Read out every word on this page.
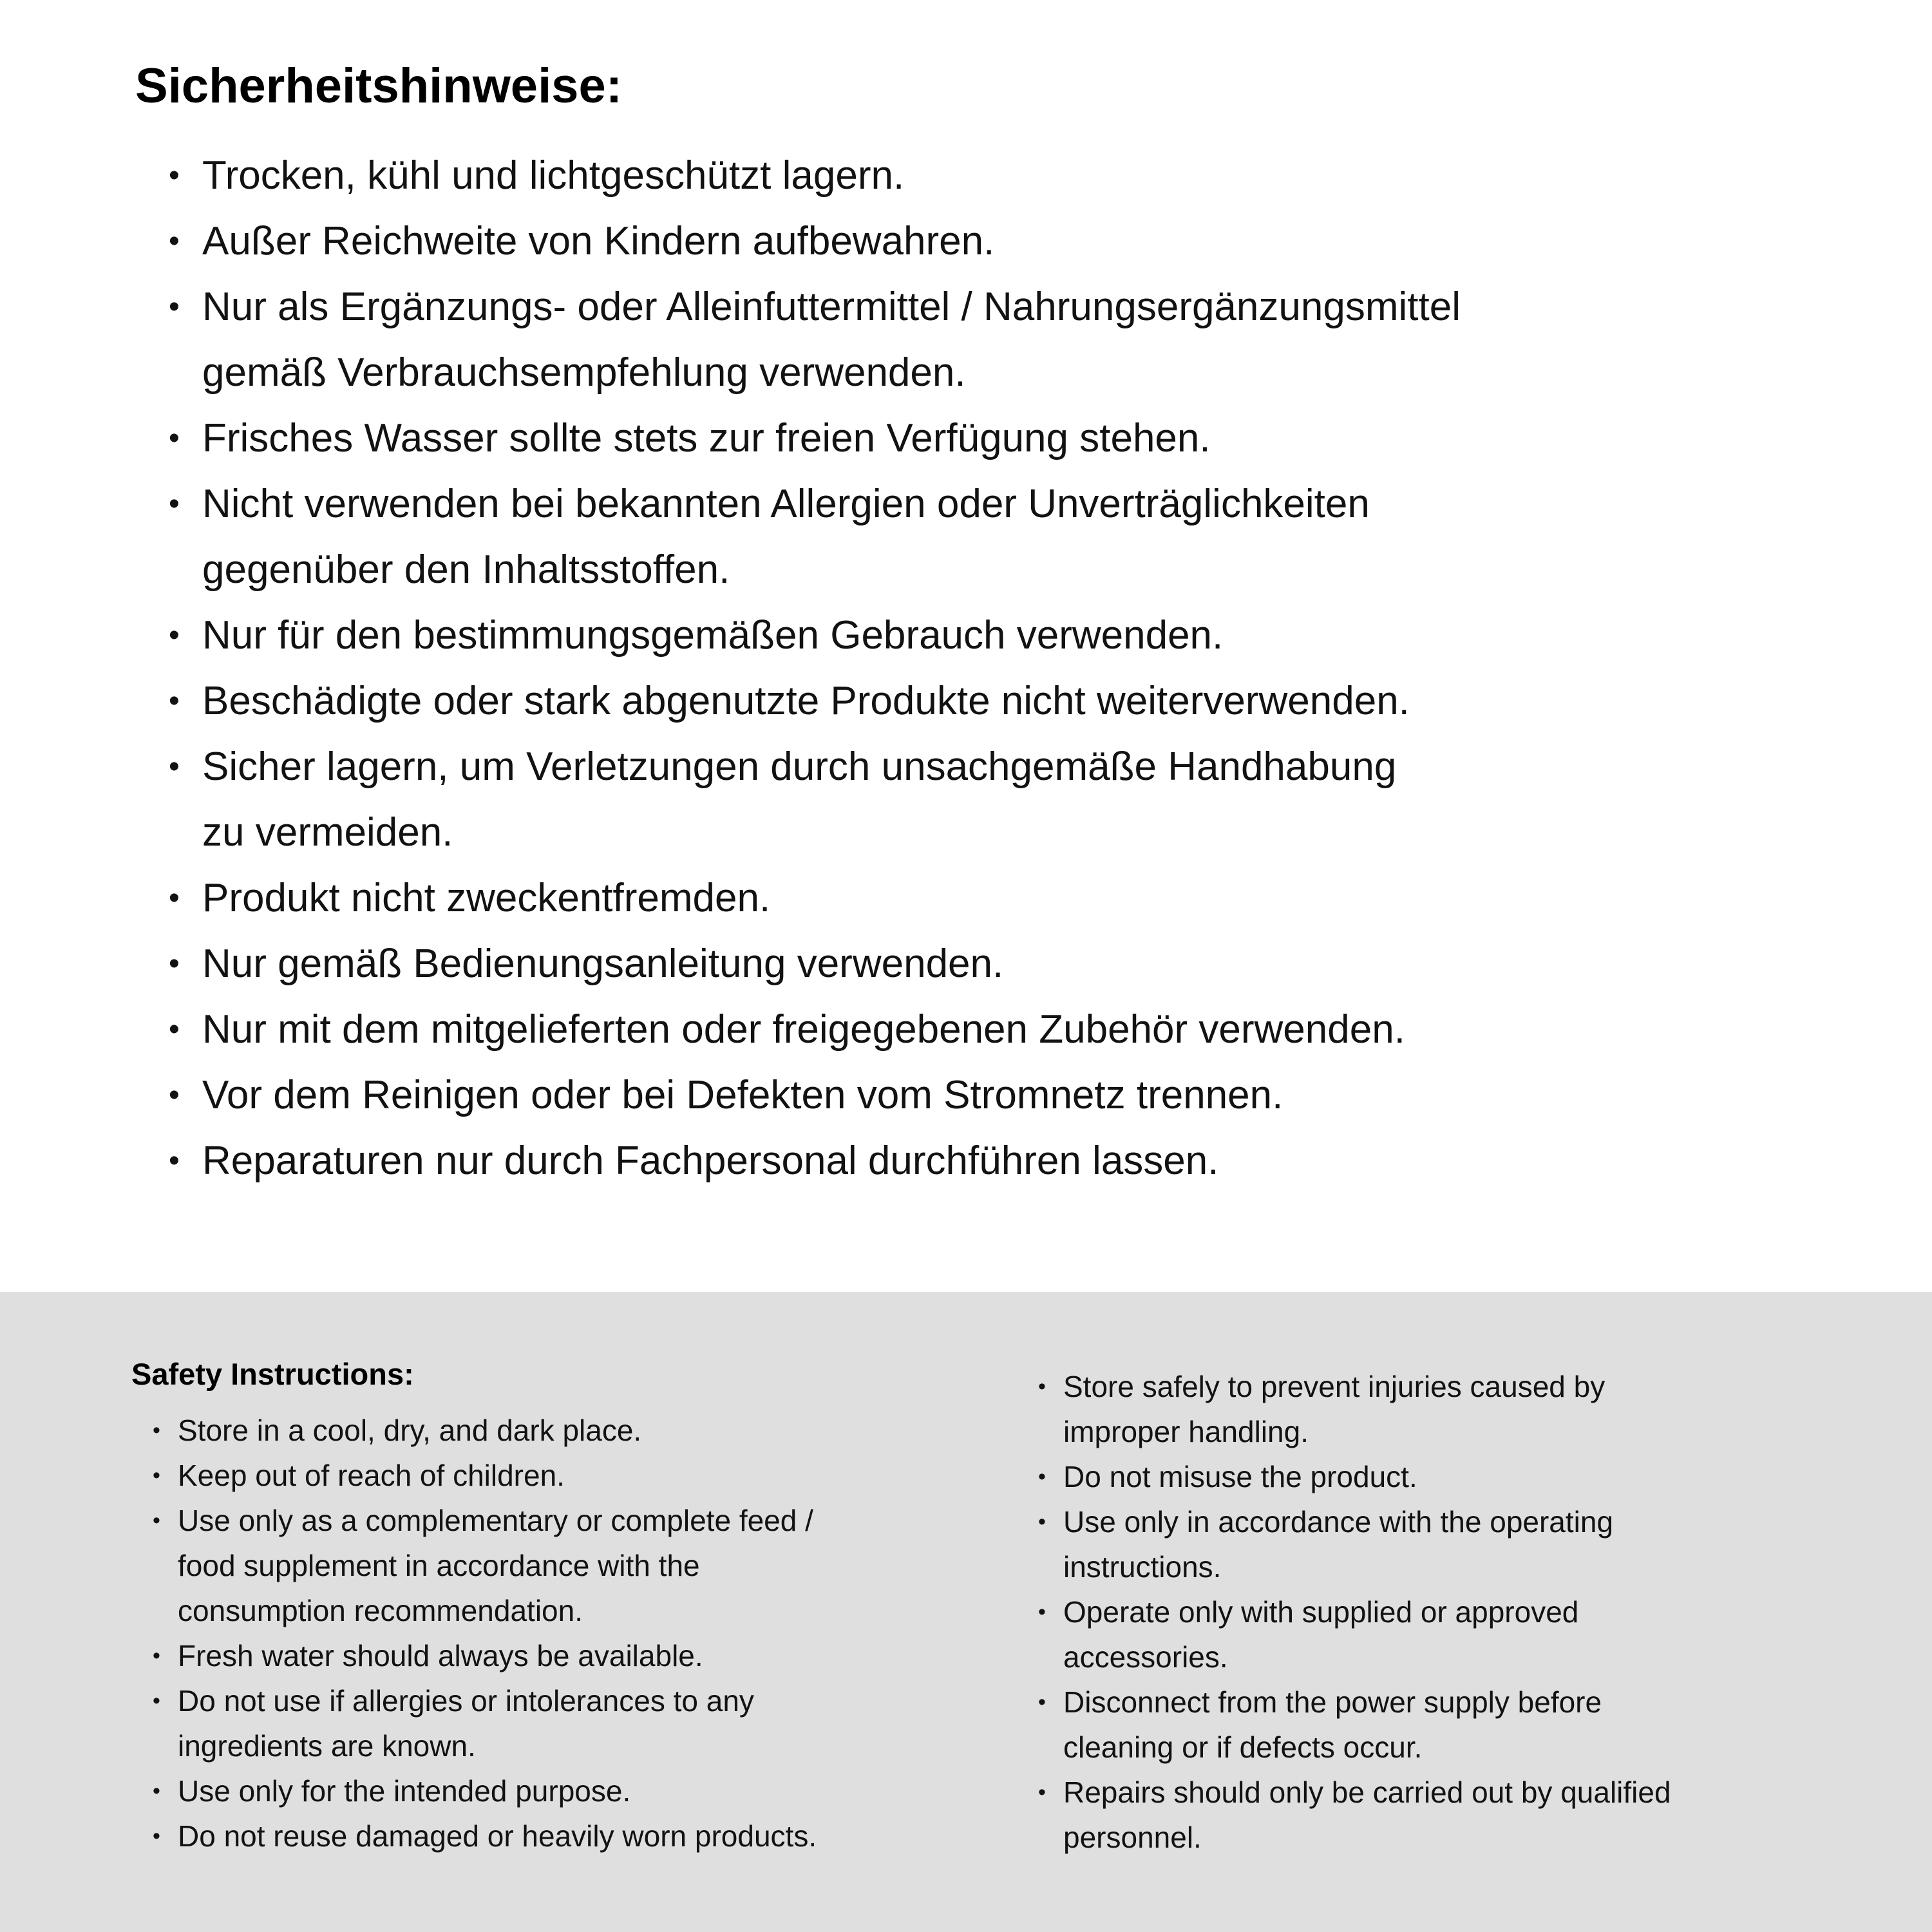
Sicherheitshinweise:
• Trocken, kühl und lichtgeschützt lagern.
• Außer Reichweite von Kindern aufbewahren.
• Nur als Ergänzungs- oder Alleinfuttermittel / Nahrungsergänzungsmittel
gemäß Verbrauchsempfehlung verwenden.
• Frisches Wasser sollte stets zur freien Verfügung stehen.
• Nicht verwenden bei bekannten Allergien oder Unverträglichkeiten
gegenüber den Inhaltsstoffen.
• Nur für den bestimmungsgemäßen Gebrauch verwenden.
• Beschädigte oder stark abgenutzte Produkte nicht weiterverwenden.
• Sicher lagern, um Verletzungen durch unsachgemäße Handhabung
zu vermeiden.
• Produkt nicht zweckentfremden.
• Nur gemäß Bedienungsanleitung verwenden.
• Nur mit dem mitgelieferten oder freigegebenen Zubehör verwenden.
• Vor dem Reinigen oder bei Defekten vom Stromnetz trennen.
• Reparaturen nur durch Fachpersonal durchführen lassen.
Safety Instructions:
• Store in a cool, dry, and dark place.
• Keep out of reach of children.
• Use only as a complementary or complete feed /
food supplement in accordance with the
consumption recommendation.
• Fresh water should always be available.
• Do not use if allergies or intolerances to any
ingredients are known.
• Use only for the intended purpose.
• Do not reuse damaged or heavily worn products.
• Store safely to prevent injuries caused by
improper handling.
• Do not misuse the product.
• Use only in accordance with the operating
instructions.
• Operate only with supplied or approved
accessories.
• Disconnect from the power supply before
cleaning or if defects occur.
• Repairs should only be carried out by qualified
personnel.
